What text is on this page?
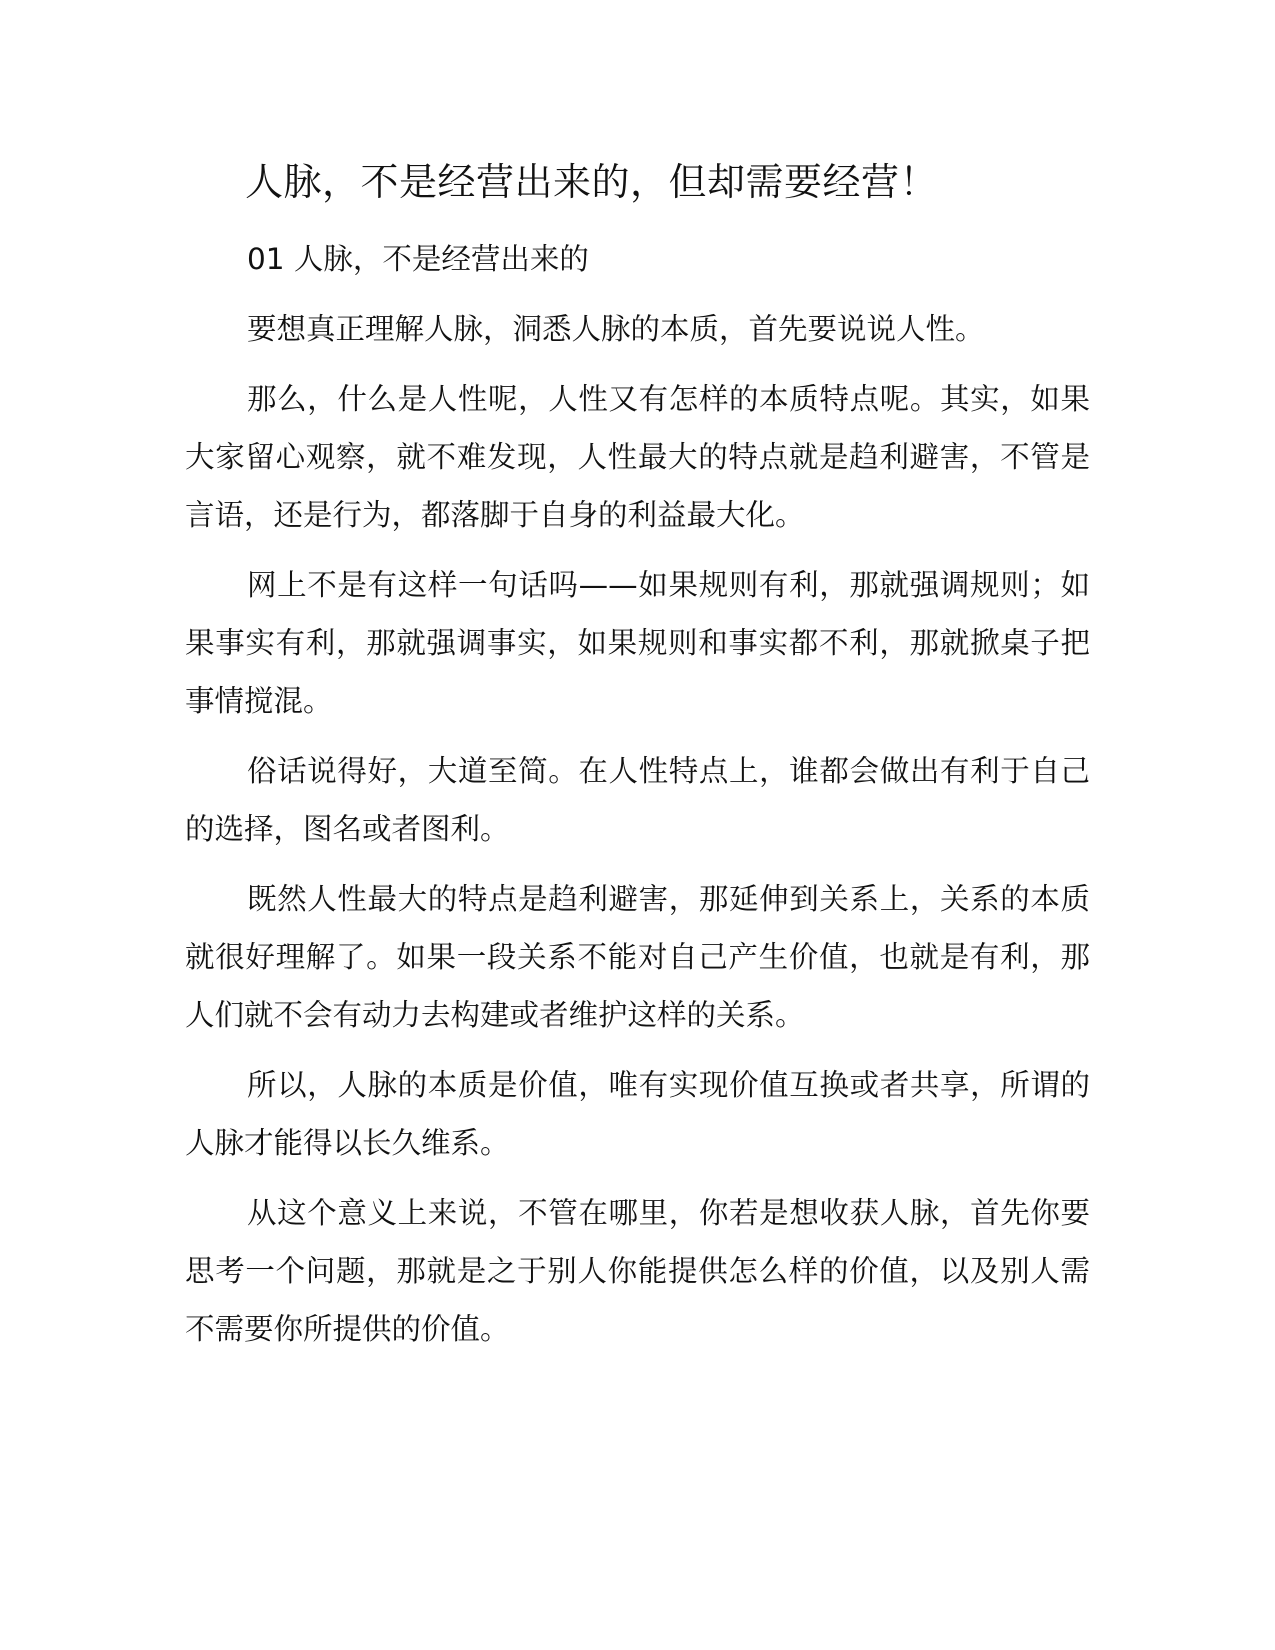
人脉，不是经营出来的，但却需要经营！

01 人脉，不是经营出来的

要想真正理解人脉，洞悉人脉的本质，首先要说说人性。

那么，什么是人性呢，人性又有怎样的本质特点呢。其实，如果大家留心观察，就不难发现，人性最大的特点就是趋利避害，不管是言语，还是行为，都落脚于自身的利益最大化。

网上不是有这样一句话吗——如果规则有利，那就强调规则；如果事实有利，那就强调事实，如果规则和事实都不利，那就掀桌子把事情搅混。

俗话说得好，大道至简。在人性特点上，谁都会做出有利于自己的选择，图名或者图利。

既然人性最大的特点是趋利避害，那延伸到关系上，关系的本质就很好理解了。如果一段关系不能对自己产生价值，也就是有利，那人们就不会有动力去构建或者维护这样的关系。

所以，人脉的本质是价值，唯有实现价值互换或者共享，所谓的人脉才能得以长久维系。

从这个意义上来说，不管在哪里，你若是想收获人脉，首先你要思考一个问题，那就是之于别人你能提供怎么样的价值，以及别人需不需要你所提供的价值。
